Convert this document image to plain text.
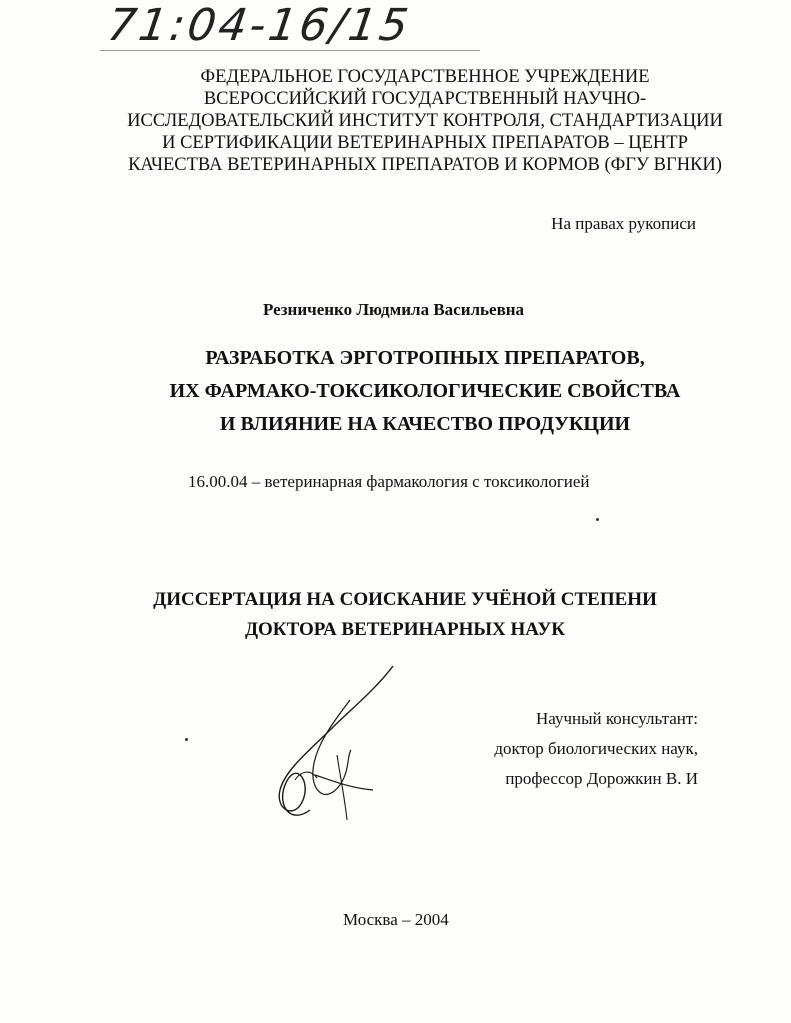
71:04-16/15
ФЕДЕРАЛЬНОЕ ГОСУДАРСТВЕННОЕ УЧРЕЖДЕНИЕ
ВСЕРОССИЙСКИЙ ГОСУДАРСТВЕННЫЙ НАУЧНО-
ИССЛЕДОВАТЕЛЬСКИЙ ИНСТИТУТ КОНТРОЛЯ, СТАНДАРТИЗАЦИИ
И СЕРТИФИКАЦИИ ВЕТЕРИНАРНЫХ ПРЕПАРАТОВ – ЦЕНТР
КАЧЕСТВА ВЕТЕРИНАРНЫХ ПРЕПАРАТОВ И КОРМОВ (ФГУ ВГНКИ)
На правах рукописи
Резниченко Людмила Васильевна
РАЗРАБОТКА ЭРГОТРОПНЫХ ПРЕПАРАТОВ,
ИХ ФАРМАКО-ТОКСИКОЛОГИЧЕСКИЕ СВОЙСТВА
И ВЛИЯНИЕ НА КАЧЕСТВО ПРОДУКЦИИ
16.00.04 – ветеринарная фармакология с токсикологией
ДИССЕРТАЦИЯ НА СОИСКАНИЕ УЧЁНОЙ СТЕПЕНИ
ДОКТОРА ВЕТЕРИНАРНЫХ НАУК
Научный консультант:
доктор биологических наук,
профессор Дорожкин В. И
Москва – 2004
